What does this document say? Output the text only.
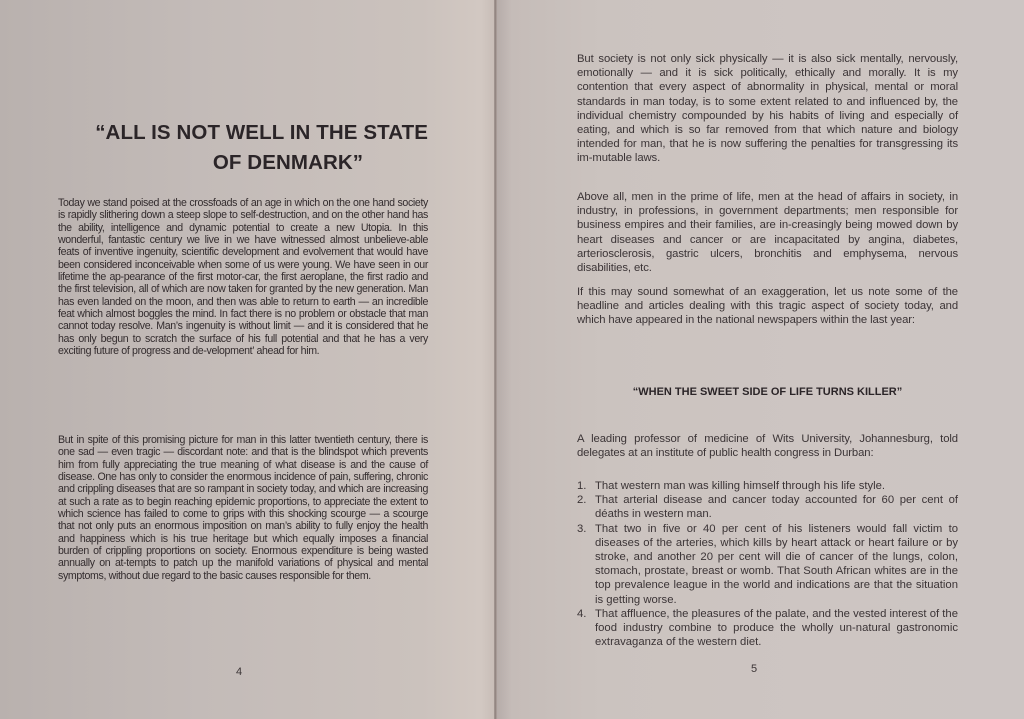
“ALL IS NOT WELL IN THE STATE

OF DENMARK”

Today we stand poised at the crossfoads of an age in which on the one hand society is rapidly slithering down a steep slope to self-destruction, and on the other hand has the ability, intelligence and dynamic potential to create a new Utopia. In this wonderful, fantastic century we live in we have witnessed almost unbelieve-able feats of inventive ingenuity, scientific development and evolvement that would have been considered inconceivable when some of us were young. We have seen in our lifetime the ap-pearance of the first motor-car, the first aeroplane, the first radio and the first television, all of which are now taken for granted by the new generation. Man has even landed on the moon, and then was able to return to earth — an incredible feat which almost boggles the mind. In fact there is no problem or obstacle that man cannot today resolve. Man’s ingenuity is without limit — and it is considered that he has only begun to scratch the surface of his full potential and that he has a very exciting future of progress and de-velopment’ ahead for him.

But in spite of this promising picture for man in this latter twentieth century, there is one sad — even tragic — discordant note: and that is the blindspot which prevents him from fully appreciating the true meaning of what disease is and the cause of disease. One has only to consider the enormous incidence of pain, suffering, chronic and crippling diseases that are so rampant in society today, and which are increasing at such a rate as to begin reaching epidemic proportions, to appreciate the extent to which science has failed to come to grips with this shocking scourge — a scourge that not only puts an enormous imposition on man’s ability to fully enjoy the health and happiness which is his true heritage but which equally imposes a financial burden of crippling proportions on society. Enormous expenditure is being wasted annually on at-tempts to patch up the manifold variations of physical and mental symptoms, without due regard to the basic causes responsible for them.

4

But society is not only sick physically — it is also sick mentally, nervously, emotionally — and it is sick politically, ethically and morally. It is my contention that every aspect of abnormality in physical, mental or moral standards in man today, is to some extent related to and influenced by, the individual chemistry compounded by his habits of living and especially of eating, and which is so far removed from that which nature and biology intended for man, that he is now suffering the penalties for transgressing its im-mutable laws.

Above all, men in the prime of life, men at the head of affairs in society, in industry, in professions, in government departments; men responsible for business empires and their families, are in-creasingly being mowed down by heart diseases and cancer or are incapacitated by angina, diabetes, arteriosclerosis, gastric ulcers, bronchitis and emphysema, nervous disabilities, etc.

If this may sound somewhat of an exaggeration, let us note some of the headline and articles dealing with this tragic aspect of society today, and which have appeared in the national newspapers within the last year:

“WHEN THE SWEET SIDE OF LIFE TURNS KILLER”

A leading professor of medicine of Wits University, Johannesburg, told delegates at an institute of public health congress in Durban:

1. That western man was killing himself through his life style.
2. That arterial disease and cancer today accounted for 60 per cent of déaths in western man.
3. That two in five or 40 per cent of his listeners would fall victim to diseases of the arteries, which kills by heart attack or heart failure or by stroke, and another 20 per cent will die of cancer of the lungs, colon, stomach, prostate, breast or womb. That South African whites are in the top prevalence league in the world and indications are that the situation is getting worse.
4. That affluence, the pleasures of the palate, and the vested interest of the food industry combine to produce the wholly un-natural gastronomic extravaganza of the western diet.
5
